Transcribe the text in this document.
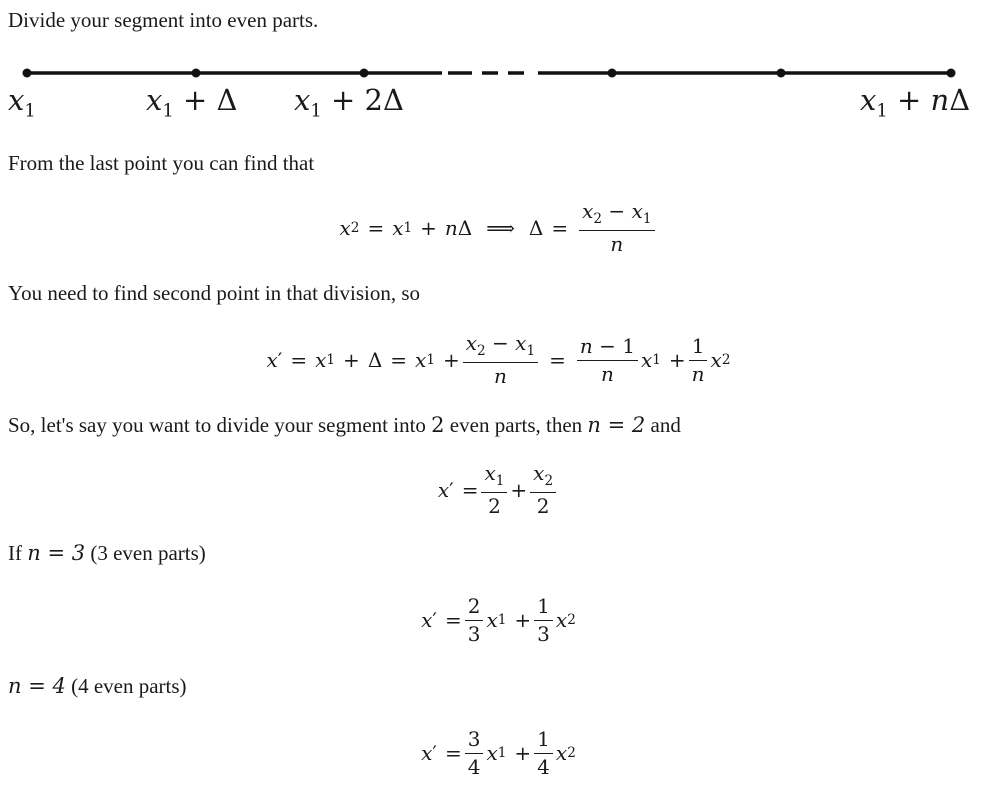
Divide your segment into even parts.
$x_1$	$x_1 + \Delta$ $x_1 + 2\Delta$	$x_1 + n\Delta$
From the last point you can find that
x 2 = x 1 + n Δ ⟹ $\Delta = \frac{x_2 - x_1}{n}$
You need to find second point in that division, so
x ′ = x 1 + Δ = x $1 + \frac{x_2 - x_1}{n} = \frac{n - 1}{n}$ x $1 + \frac{1}{n}$ x 2
So, let's say you want to divide your segment into 2 even parts, then n = 2 and
x ′ = $\frac{x_1}{2} + \frac{x_2}{2}$
If n = 3 (3 even parts)
x ′ = $\frac{2}{3}$ x $1 + \frac{1}{3}$ x 2
n = 4 (4 even parts)
x ′ = $\frac{3}{4}$ x $1 + \frac{1}{4}$ x 2
